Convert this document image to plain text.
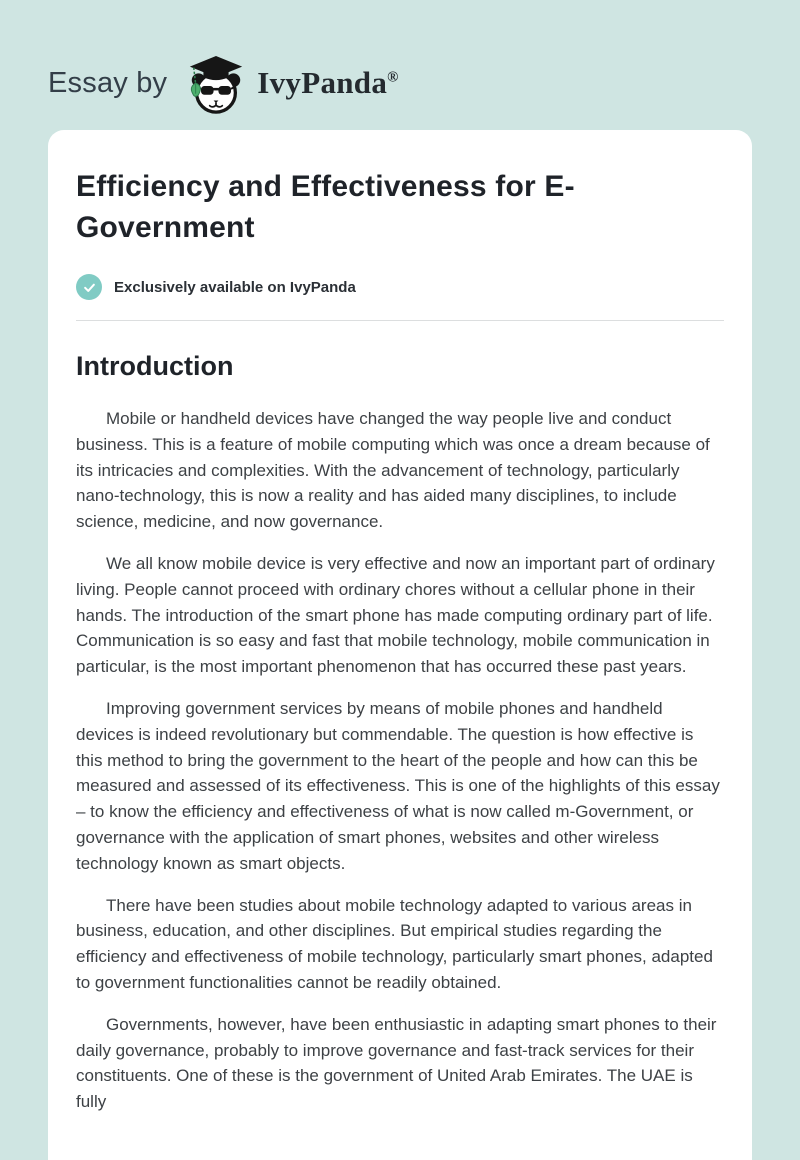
Essay by	IvyPanda®
Efficiency and Effectiveness for E-Government
Exclusively available on IvyPanda
Introduction

Mobile or handheld devices have changed the way people live and conduct business. This is a feature of mobile computing which was once a dream because of its intricacies and complexities. With the advancement of technology, particularly nano-technology, this is now a reality and has aided many disciplines, to include science, medicine, and now governance.

We all know mobile device is very effective and now an important part of ordinary living. People cannot proceed with ordinary chores without a cellular phone in their hands. The introduction of the smart phone has made computing ordinary part of life. Communication is so easy and fast that mobile technology, mobile communication in particular, is the most important phenomenon that has occurred these past years.

Improving government services by means of mobile phones and handheld devices is indeed revolutionary but commendable. The question is how effective is this method to bring the government to the heart of the people and how can this be measured and assessed of its effectiveness. This is one of the highlights of this essay – to know the efficiency and effectiveness of what is now called m-Government, or governance with the application of smart phones, websites and other wireless technology known as smart objects.

There have been studies about mobile technology adapted to various areas in business, education, and other disciplines. But empirical studies regarding the efficiency and effectiveness of mobile technology, particularly smart phones, adapted to government functionalities cannot be readily obtained.

Governments, however, have been enthusiastic in adapting smart phones to their daily governance, probably to improve governance and fast-track services for their constituents. One of these is the government of United Arab Emirates. The UAE is fully
